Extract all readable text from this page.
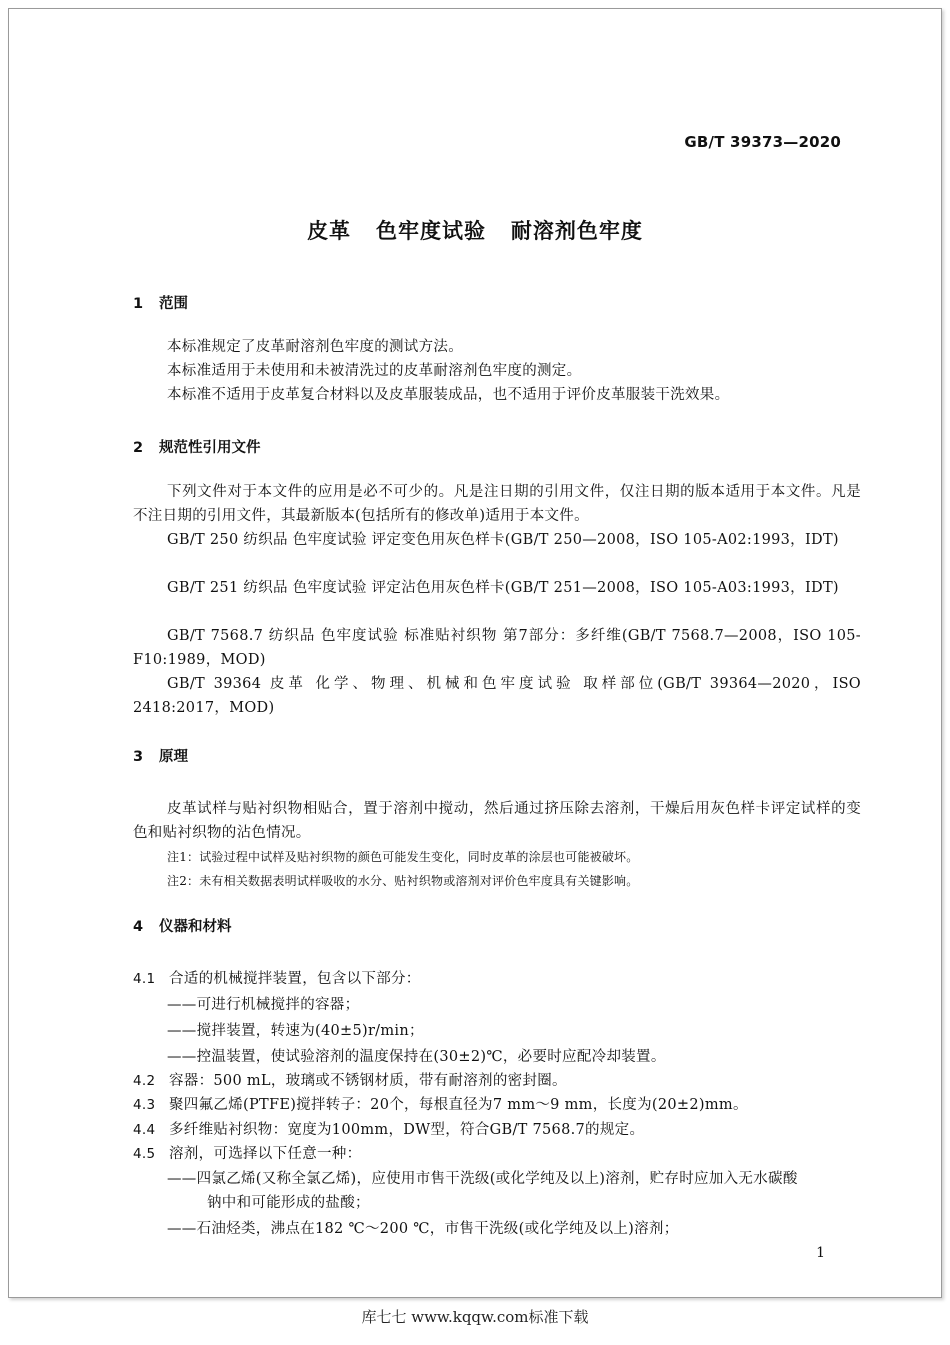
GB/T 39373—2020
皮革   色牢度试验   耐溶剂色牢度
1 范围
本标准规定了皮革耐溶剂色牢度的测试方法。
本标准适用于未使用和未被清洗过的皮革耐溶剂色牢度的测定。
本标准不适用于皮革复合材料以及皮革服装成品，也不适用于评价皮革服装干洗效果。
2 规范性引用文件
下列文件对于本文件的应用是必不可少的。凡是注日期的引用文件，仅注日期的版本适用于本文件。凡是不注日期的引用文件，其最新版本(包括所有的修改单)适用于本文件。
GB/T 250 纺织品 色牢度试验 评定变色用灰色样卡(GB/T 250—2008，ISO 105-A02:1993，IDT)
GB/T 251 纺织品 色牢度试验 评定沾色用灰色样卡(GB/T 251—2008，ISO 105-A03:1993，IDT)
GB/T 7568.7 纺织品 色牢度试验 标准贴衬织物 第7部分：多纤维(GB/T 7568.7—2008，ISO 105-F10:1989，MOD)
GB/T 39364 皮革 化学、物理、机械和色牢度试验 取样部位(GB/T 39364—2020，ISO 2418:2017，MOD)
3 原理
皮革试样与贴衬织物相贴合，置于溶剂中搅动，然后通过挤压除去溶剂，干燥后用灰色样卡评定试样的变色和贴衬织物的沾色情况。
注1：试验过程中试样及贴衬织物的颜色可能发生变化，同时皮革的涂层也可能被破坏。
注2：未有相关数据表明试样吸收的水分、贴衬织物或溶剂对评价色牢度具有关键影响。
4 仪器和材料
4.1 合适的机械搅拌装置，包含以下部分：
——可进行机械搅拌的容器；
——搅拌装置，转速为(40±5)r/min；
——控温装置，使试验溶剂的温度保持在(30±2)℃，必要时应配冷却装置。
4.2 容器：500 mL，玻璃或不锈钢材质，带有耐溶剂的密封圈。
4.3 聚四氟乙烯(PTFE)搅拌转子：20个，每根直径为7 mm～9 mm，长度为(20±2)mm。
4.4 多纤维贴衬织物：宽度为100mm，DW型，符合GB/T 7568.7的规定。
4.5 溶剂，可选择以下任意一种：
——四氯乙烯(又称全氯乙烯)，应使用市售干洗级(或化学纯及以上)溶剂，贮存时应加入无水碳酸
钠中和可能形成的盐酸；
——石油烃类，沸点在182 ℃～200 ℃，市售干洗级(或化学纯及以上)溶剂；
1
库七七 www.kqqw.com标准下载
